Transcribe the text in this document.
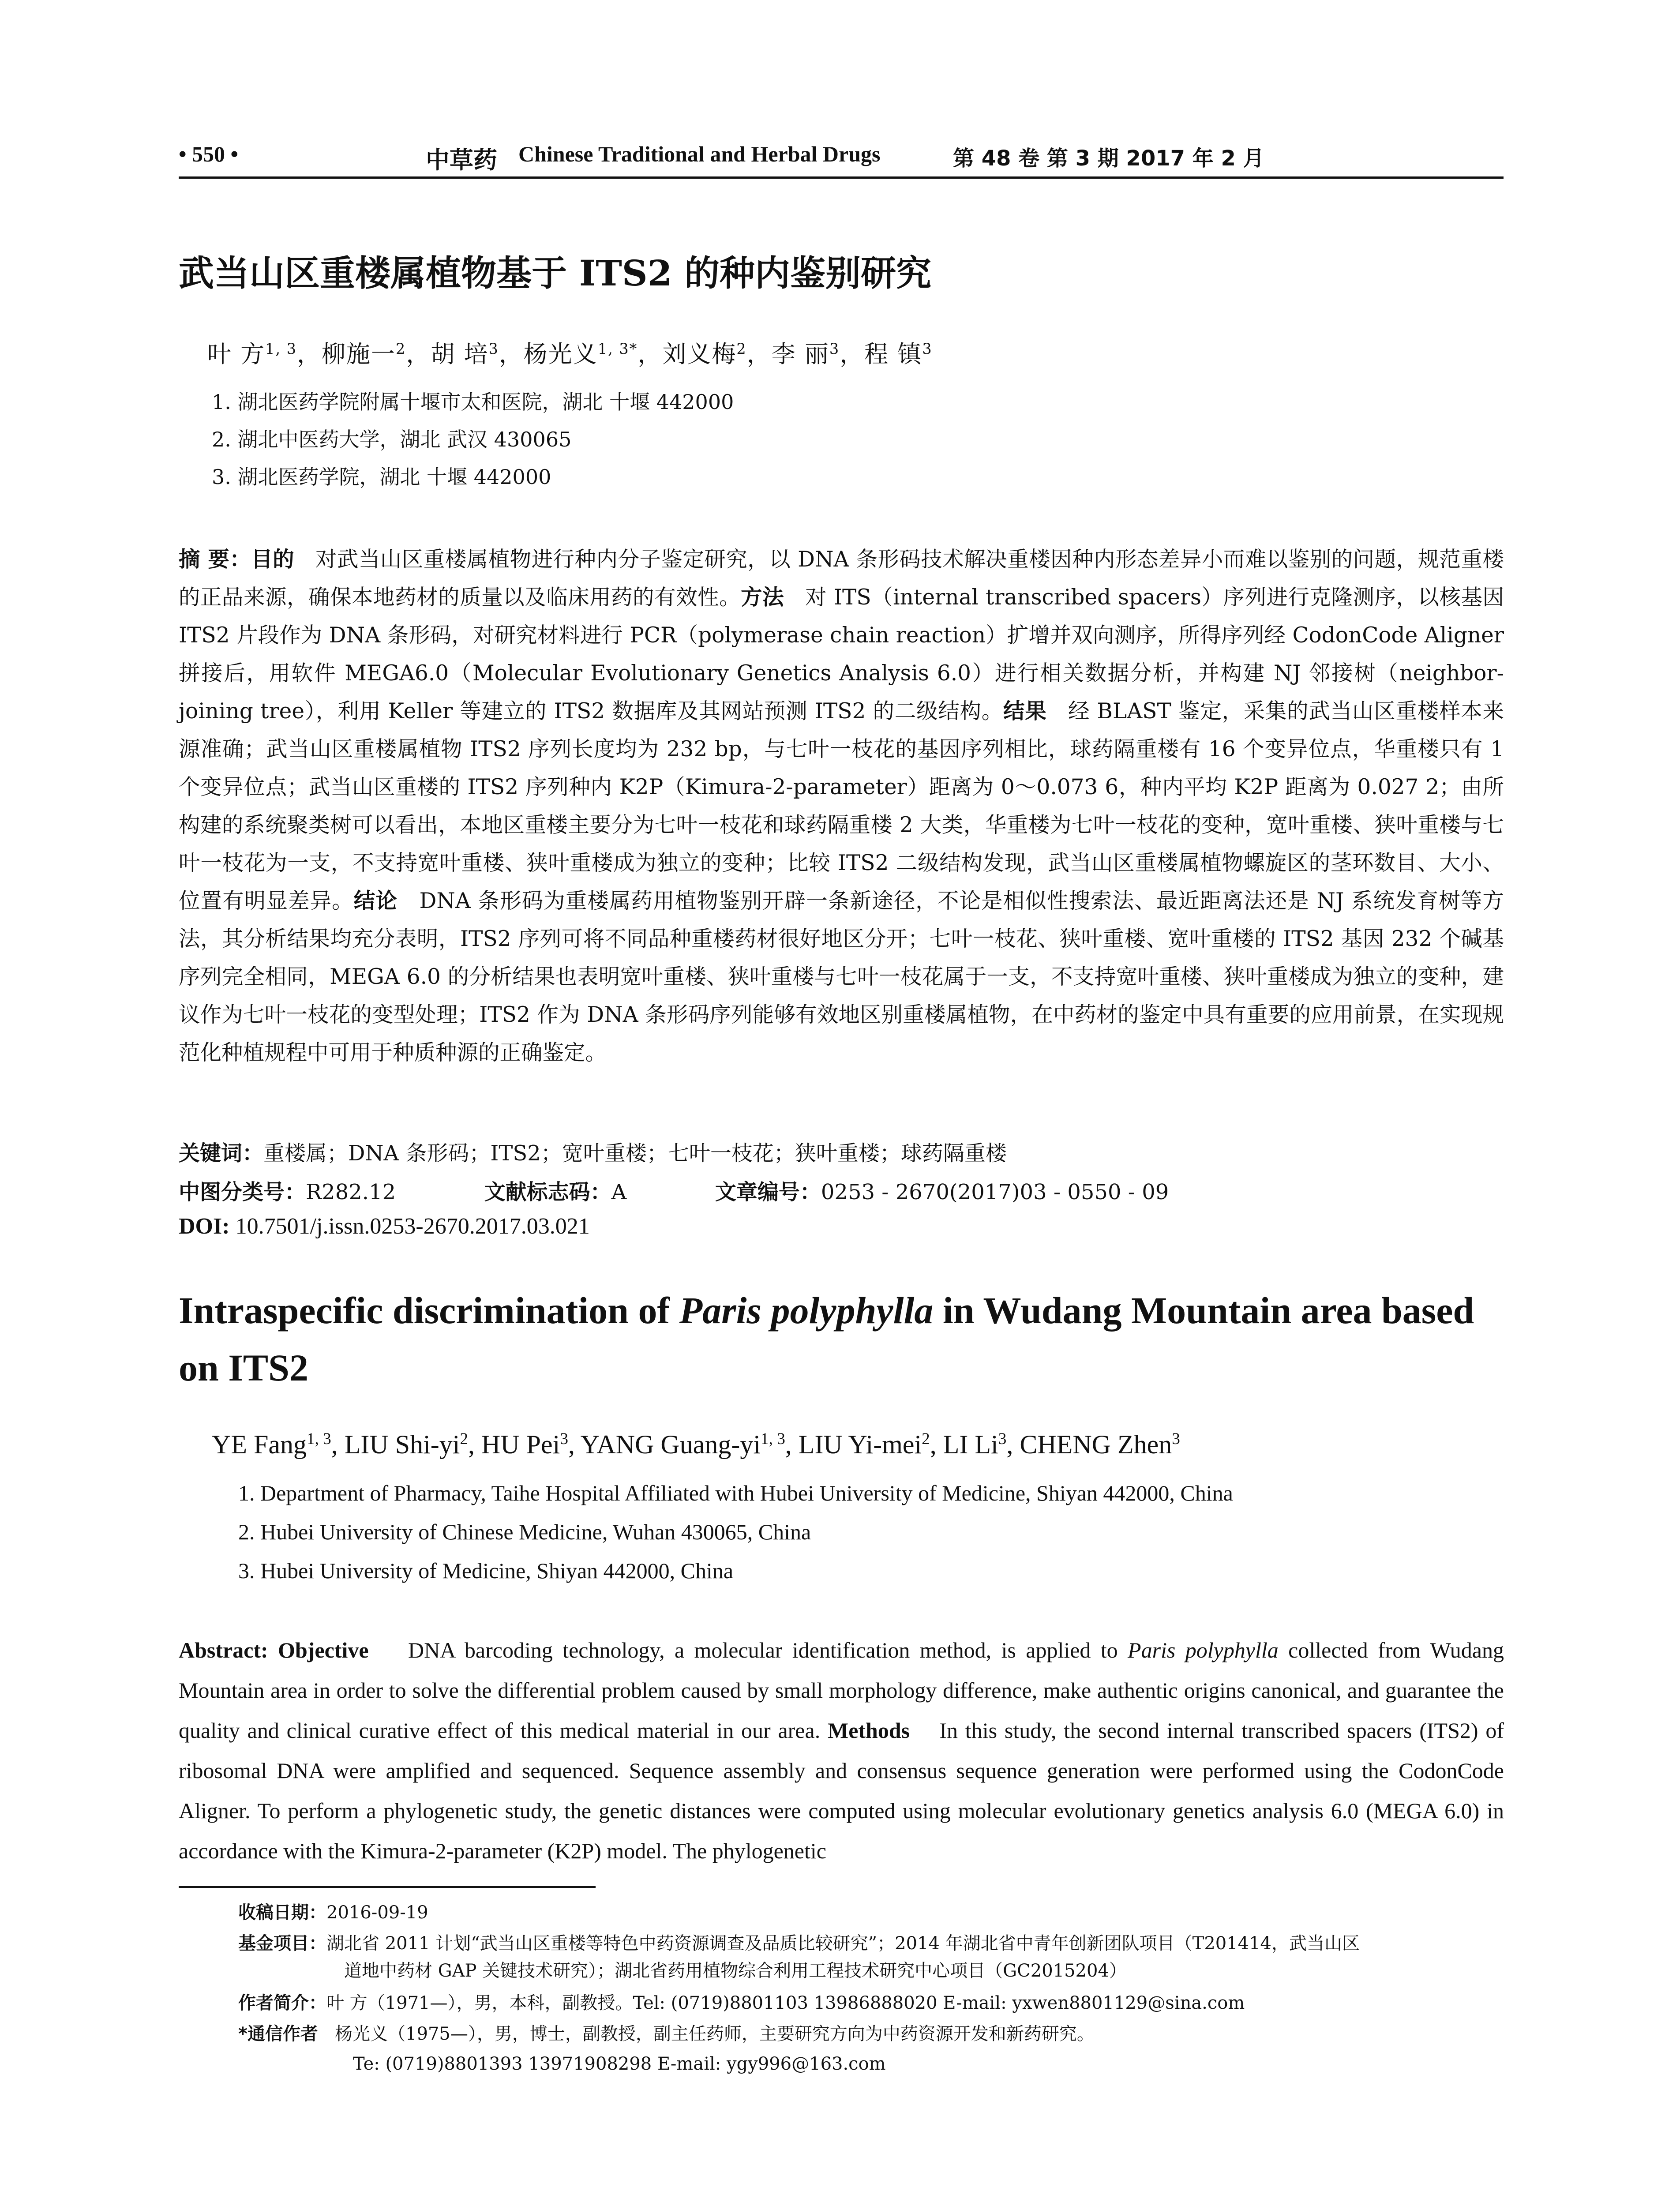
• 550 •	中草药 Chinese Traditional and Herbal Drugs	第 48 卷 第 3 期 2017 年 2 月
武当山区重楼属植物基于 ITS2 的种内鉴别研究
叶 方$^{1, 3}$，柳施一$^2$，胡 培$^3$，杨光义$^{1, 3*}$，刘义梅$^2$，李 丽$^3$，程 镇$^3$
1. 湖北医药学院附属十堰市太和医院，湖北 十堰 442000
2. 湖北中医药大学，湖北 武汉 430065
3. 湖北医药学院，湖北 十堰 442000
摘 要：目的 对武当山区重楼属植物进行种内分子鉴定研究，以 DNA 条形码技术解决重楼因种内形态差异小而难以鉴别的问题，规范重楼的正品来源，确保本地药材的质量以及临床用药的有效性。方法 对 ITS（internal transcribed spacers）序列进行克隆测序，以核基因 ITS2 片段作为 DNA 条形码，对研究材料进行 PCR（polymerase chain reaction）扩增并双向测序，所得序列经 CodonCode Aligner 拼接后，用软件 MEGA6.0（Molecular Evolutionary Genetics Analysis 6.0）进行相关数据分析，并构建 NJ 邻接树（neighbor-joining tree），利用 Keller 等建立的 ITS2 数据库及其网站预测 ITS2 的二级结构。结果 经 BLAST 鉴定，采集的武当山区重楼样本来源准确；武当山区重楼属植物 ITS2 序列长度均为 232 bp，与七叶一枝花的基因序列相比，球药隔重楼有 16 个变异位点，华重楼只有 1 个变异位点；武当山区重楼的 ITS2 序列种内 K2P（Kimura-2-parameter）距离为 0～0.073 6，种内平均 K2P 距离为 0.027 2；由所构建的系统聚类树可以看出，本地区重楼主要分为七叶一枝花和球药隔重楼 2 大类，华重楼为七叶一枝花的变种，宽叶重楼、狭叶重楼与七叶一枝花为一支，不支持宽叶重楼、狭叶重楼成为独立的变种；比较 ITS2 二级结构发现，武当山区重楼属植物螺旋区的茎环数目、大小、位置有明显差异。结论 DNA 条形码为重楼属药用植物鉴别开辟一条新途径，不论是相似性搜索法、最近距离法还是 NJ 系统发育树等方法，其分析结果均充分表明，ITS2 序列可将不同品种重楼药材很好地区分开；七叶一枝花、狭叶重楼、宽叶重楼的 ITS2 基因 232 个碱基序列完全相同，MEGA 6.0 的分析结果也表明宽叶重楼、狭叶重楼与七叶一枝花属于一支，不支持宽叶重楼、狭叶重楼成为独立的变种，建议作为七叶一枝花的变型处理；ITS2 作为 DNA 条形码序列能够有效地区别重楼属植物，在中药材的鉴定中具有重要的应用前景，在实现规范化种植规程中可用于种质种源的正确鉴定。
关键词：重楼属；DNA 条形码；ITS2；宽叶重楼；七叶一枝花；狭叶重楼；球药隔重楼
中图分类号：R282.12	文献标志码：A	文章编号：0253 - 2670(2017)03 - 0550 - 09
DOI: 10.7501/j.issn.0253-2670.2017.03.021
Intraspecific discrimination of Paris polyphylla in Wudang Mountain area based on ITS2
YE Fang$^{1, 3}$, LIU Shi-$yi^2$, HU Pei$^3$, YANG Guang-yi$^{1, 3}$, LIU Yi-mei$^2$, LI Li$^3$, CHENG Zhen$^3$
1. Department of Pharmacy, Taihe Hospital Affiliated with Hubei University of Medicine, Shiyan 442000, China
2. Hubei University of Chinese Medicine, Wuhan 430065, China
3. Hubei University of Medicine, Shiyan 442000, China
Abstract: Objective DNA barcoding technology, a molecular identification method, is applied to Paris polyphylla collected from Wudang Mountain area in order to solve the differential problem caused by small morphology difference, make authentic origins canonical, and guarantee the quality and clinical curative effect of this medical material in our area. Methods In this study, the second internal transcribed spacers (ITS2) of ribosomal DNA were amplified and sequenced. Sequence assembly and consensus sequence generation were performed using the CodonCode Aligner. To perform a phylogenetic study, the genetic distances were computed using molecular evolutionary genetics analysis 6.0 (MEGA 6.0) in accordance with the Kimura-2-parameter (K2P) model. The phylogenetic
收稿日期：2016-09-19
基金项目：湖北省 2011 计划“武当山区重楼等特色中药资源调查及品质比较研究”；2014 年湖北省中青年创新团队项目（T201414，武当山区
道地中药材 GAP 关键技术研究）；湖北省药用植物综合利用工程技术研究中心项目（GC2015204）
作者简介：叶 方（1971—），男，本科，副教授。Tel: (0719)8801103 13986888020 E-mail: yxwen8801129@sina.com
*通信作者 杨光义（1975—），男，博士，副教授，副主任药师，主要研究方向为中药资源开发和新药研究。
Te: (0719)8801393 13971908298 E-mail: ygy996@163.com
